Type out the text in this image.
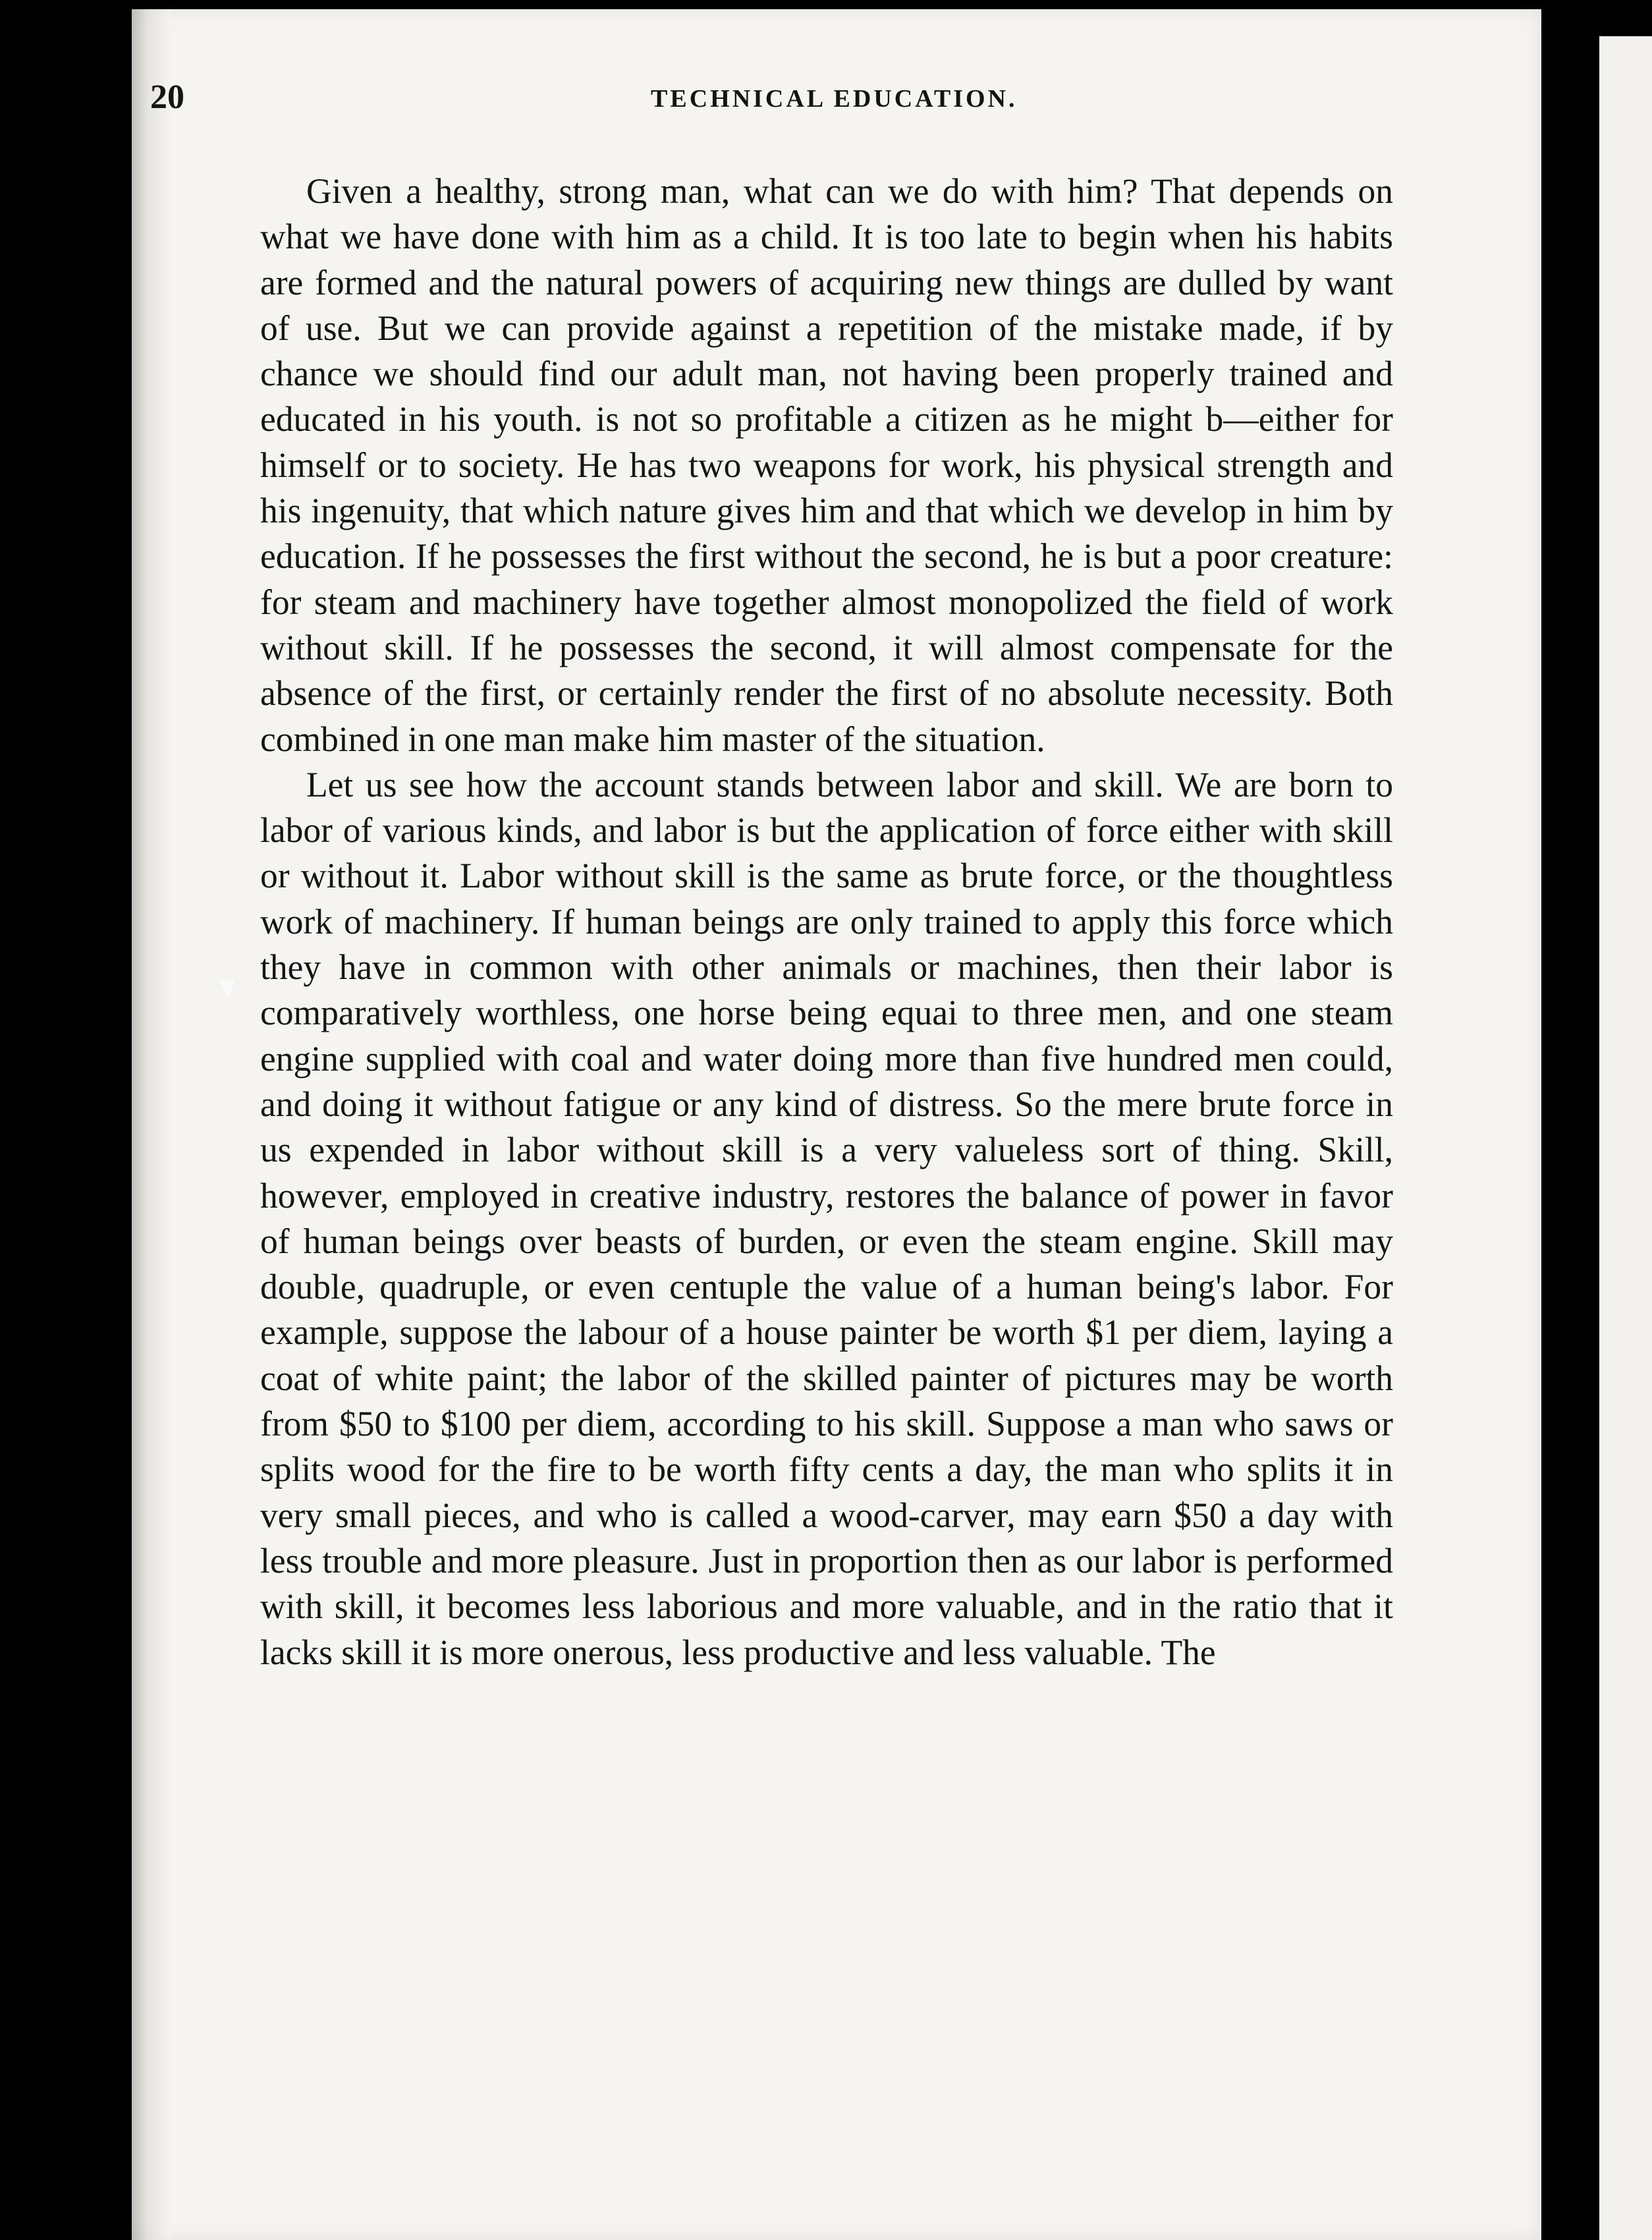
20	TECHNICAL EDUCATION.

Given a healthy, strong man, what can we do with him? That depends on what we have done with him as a child. It is too late to begin when his habits are formed and the natural powers of acquiring new things are dulled by want of use. But we can provide against a repetition of the mistake made, if by chance we should find our adult man, not having been properly trained and educated in his youth. is not so profitable a citizen as he might b—either for himself or to society. He has two weapons for work, his physical strength and his ingenuity, that which nature gives him and that which we develop in him by education. If he possesses the first without the second, he is but a poor creature: for steam and machinery have together almost monopolized the field of work without skill. If he possesses the second, it will almost compensate for the absence of the first, or certainly render the first of no absolute necessity. Both combined in one man make him master of the situation.

Let us see how the account stands between labor and skill. We are born to labor of various kinds, and labor is but the application of force either with skill or without it. Labor without skill is the same as brute force, or the thoughtless work of machinery. If human beings are only trained to apply this force which they have in common with other animals or machines, then their labor is comparatively worthless, one horse being equai to three men, and one steam engine supplied with coal and water doing more than five hundred men could, and doing it without fatigue or any kind of distress. So the mere brute force in us expended in labor without skill is a very valueless sort of thing. Skill, however, employed in creative industry, restores the balance of power in favor of human beings over beasts of burden, or even the steam engine. Skill may double, quadruple, or even centuple the value of a human being's labor. For example, suppose the labour of a house painter be worth $1 per diem, laying a coat of white paint; the labor of the skilled painter of pictures may be worth from $50 to $100 per diem, according to his skill. Suppose a man who saws or splits wood for the fire to be worth fifty cents a day, the man who splits it in very small pieces, and who is called a wood-carver, may earn $50 a day with less trouble and more pleasure. Just in proportion then as our labor is performed with skill, it becomes less laborious and more valuable, and in the ratio that it lacks skill it is more onerous, less productive and less valuable. The
